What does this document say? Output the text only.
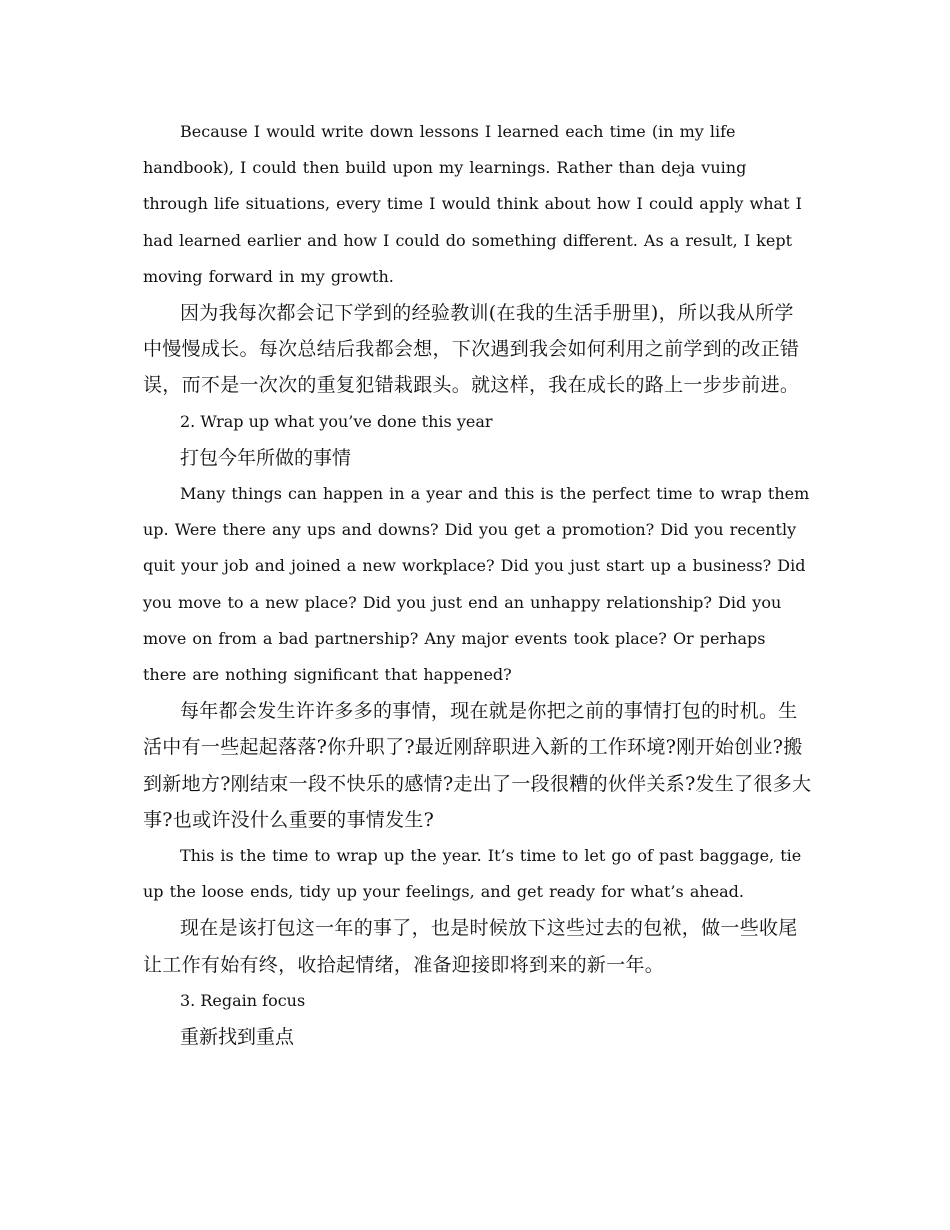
Because I would write down lessons I learned each time (in my life handbook), I could then build upon my learnings. Rather than deja vuing through life situations, every time I would think about how I could apply what I had learned earlier and how I could do something different. As a result, I kept moving forward in my growth.

因为我每次都会记下学到的经验教训(在我的生活手册里)，所以我从所学中慢慢成长。每次总结后我都会想，下次遇到我会如何利用之前学到的改正错误，而不是一次次的重复犯错栽跟头。就这样，我在成长的路上一步步前进。

2. Wrap up what you’ve done this year

打包今年所做的事情

Many things can happen in a year and this is the perfect time to wrap them up. Were there any ups and downs? Did you get a promotion? Did you recently quit your job and joined a new workplace? Did you just start up a business? Did you move to a new place? Did you just end an unhappy relationship? Did you move on from a bad partnership? Any major events took place? Or perhaps there are nothing significant that happened?

每年都会发生许许多多的事情，现在就是你把之前的事情打包的时机。生活中有一些起起落落?你升职了?最近刚辞职进入新的工作环境?刚开始创业?搬到新地方?刚结束一段不快乐的感情?走出了一段很糟的伙伴关系?发生了很多大事?也或许没什么重要的事情发生?

This is the time to wrap up the year. It’s time to let go of past baggage, tie up the loose ends, tidy up your feelings, and get ready for what’s ahead.

现在是该打包这一年的事了，也是时候放下这些过去的包袱，做一些收尾让工作有始有终，收拾起情绪，准备迎接即将到来的新一年。

3. Regain focus

重新找到重点
